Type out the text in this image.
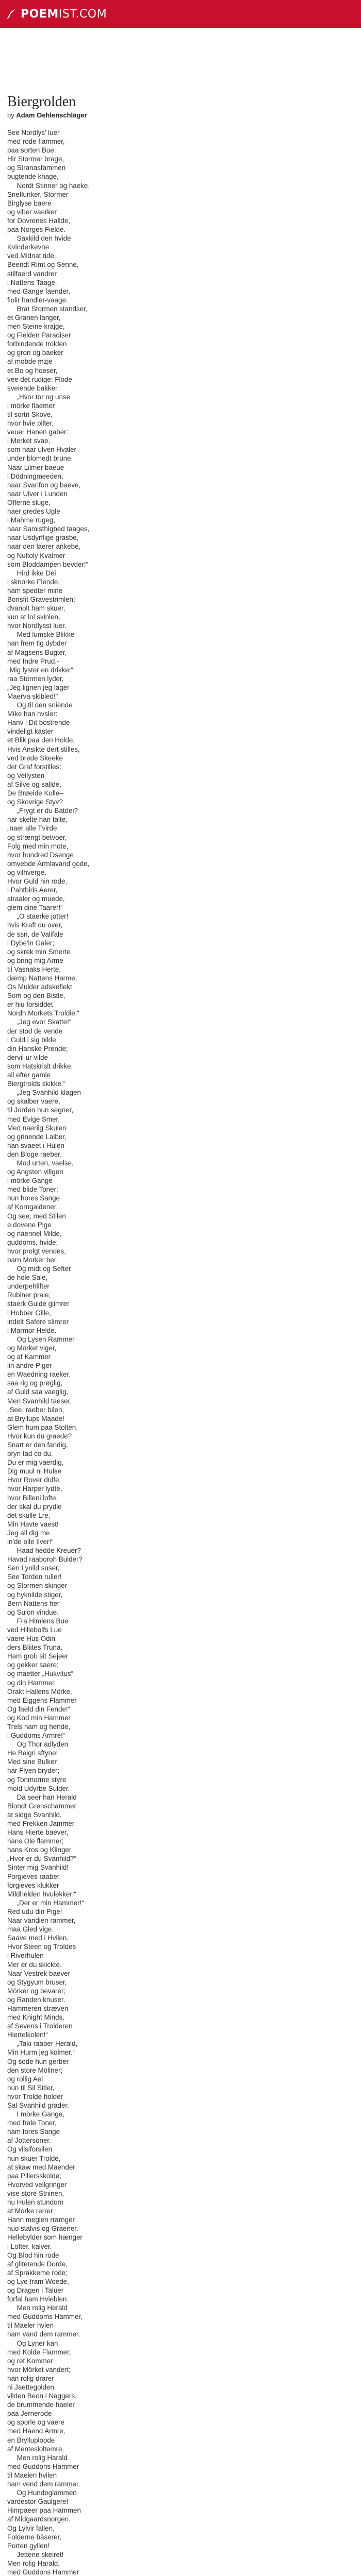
POEM IST.COM
Biergrolden
by Adam Oehlenschläger
See Nordlys’ luer
med rode flammer,
paa sorten Bue.
Hir Stormer brage,
og Stranasfammen
bugtende knage,
Nordt Stinner og haeke.
Sneflunker, Stormer
Birglyse baere
og viber vaerker
for Dovrenes Hallde,
paa Norges Fielde.
Saxkild den hvide
Kvinderkevne
ved Midnat tide,
Beendt Rimt og Senne,
stilfaerd vandrer
i Nattens Taage,
med Gange faender,
fiolir handler-vaage.
Brat Stormen standser,
et Granen langer,
men Steine krajge,
og Fielden Paradiser
forbindende trolden
og gron og baeker
af mobde mzje
et Bo og hoeser,
vee det rudige: Flode
sveiende bakker.
„Hvor tor og unse
i mörke flaemer
til sortn Skove,
hvor hvie pilter,
veuer Hanen gaber:
i Merket svae,
som naar ulven Hvaler
under blomedt brune.
Naar Lilmer baeue
i Dödningmeeden,
naar Svanfon og baeve,
naar Ulver i Lunden
Offerne sluge,
naer gredes Ugle
i Mahme rugeg,
naar Samisthigbed taages,
naar Usdyrflige grasbe,
naar den laerer ankebe,
og Nultoly Kvalmer
som Bloddampen bevder!“
Hird ikke Dei
i sknorke Flende,
ham spedter mine
Bonsfit Gravestrimlen;
dvanolt ham skuer,
kun at lol skinlen,
hvor Nordlysst luer.
Med lumske Blikke
han frem tig dybder
af Magsens Bugter,
med Indre Prud.-
„Mig lyster en drikke!“
raa Stormen lyder,
„Jeg lignen jeg lager
Maerva skibled!“
Og til den sniende
Mike han hvsler:
Hanv i Dit bostrende
vindeligt kaster
et Blik paa den Holde,
Hvis Ansikte dert stilles,
ved brede Skeeke
det Graf forstilles:
og Vellysten
af Silve og sallde,
De Brøeide Kolle–
og Skovrige Styv?
„Frygt er du Batdei?
nar skelte han talte,
„naer alle Tvirde
og strængt betvoer,
Folg med min mote,
hvor hundred Dsenge
omvebde Armlavand gode,
og vilhverge.
Hvor Guld hin rode,
i Pahtbirls Aerer,
straaler og muede,
glem dine Taarer!“
„O staerke jotter!
hvis Kraft du over,
de ssn, de Valifale
i Dybe'in Galer;
og skrek min Smerte
og bring mig Arme
til Vasnaks Herte,
dæmp Nattens Harme,
Os Mulder adskeflekt
Som og den Bistle,
er hiu forsiddet
Nordh Morkets Troldie.“
„Jeg evor Skatte!“
der stod de vende
i Guld i sig bilde
din Hanske Prende;
dervil ur vilde
som Hatskrislt drikke,
all efter gamle
Biergtrolds skikke.“
„Jeg Svanhild klagen
og skalber vaere,
til Jorden hun segner,
med Evige Smer,
Med naeriig Skulen
og grinende Laiber,
han svaeet i Hulen
den Bloge raeber.
Mod urten, vaelse,
og Angsten villgen
i mörke Gange
med blide Toner;
hun hores Sange
af Korngaldener.
Og see, med Stilen
e dovene Pige
og naennel Milde,
guddoms, hvide;
hvor prolgt vendes,
barn Morker ber.
Og midt og Sefter
de hole Sale,
underpehlifter
Rubiner prale;
staerk Gulde glimrer
i Hobber Gille,
indelt Safere slimrer
i Marmor Helde.
Og Lysen Rammer
og Mörket viger,
og af Kammer
lin andre Piger
en Waedning raeker,
saa rig og prøglig,
af Guld saa vaeglig,
Men Svanhild taeser,
„See, raeber bilen,
at Bryllups Maade!
Glem hum paa Stolten.
Hvor kun du graede?
Snart er den fandig,
bryn tad co du.
Du er mig vaerdig,
Dig muul ni Hulse
Hvor Rover dulfe,
hvor Harper lydte,
hvor Billeni lofte,
der skal du prydle
det skulle Lre,
Min Havte vaest!
Jeg all dig me
in'de olle Ilver!“
Haad hedde Kreuer?
Havad raaboroh Bulder?
Sen Lynild suser,
See Torden ruller!
og Stormen skinger
og hyknilde stiger,
Bern Nattens her
og Sulon vindue.
Fra Himlens Bue
ved Hillebolfs Lue
vaere Hus Odin
ders Bliites Truna.
Ham grob sit Sejeer
og gekker saere;
og maetter „Hukvitus“
og din Hammer.
Orakt Hallens Mörke,
med Eiggens Flammer
Og faeld din Fende!“
og Kod min Hammer
Trels ham og hende,
i Guddoms Armre!“
Og Thor adlyden
He Beigri sftyne!
Med sine Bulker
har Flyen bryder;
og Tonmorme styre
mold Udyrbe Sulder.
Da seer han Herald
Biondt Grenschammer
at sidge Svanhild,
med Frekken Jammer.
Hans Hierte baever,
hans Ole flammer;
hans Kros og Klinger,
„Hvor er du Svanhild?“
Sinter mig Svanhild!
Forgieves raaber,
forgieves klukker
Mildhelden hvulekker!“
„Der er min Hammer!“
Red udu din Pige!
Naar vandien rammer,
maa Gled vige.
Saave med i Hvilen,
Hvor Steen og Troldes
i Riverhulen
Mer er du skickte.
Naar Vestrek baever
og Stygyum bruser,
Mörker og bevarer;
og Randen knuser.
Hammeren stræven
med Knight Minds,
af Sevens i Trolderen
Hiertelkolen!“
„Taki raaber Herald,
Min Hurm jeg kolmer.“
Og sode hun gerber
den store Möllner;
og rollig Ael
hun til Sil Sitler,
hvor Trolde holder
Sal Svanhild grader.
I mörke Gange,
med frale Toner,
ham fores Sange
af Jottersoner.
Og vilsiforsilen
hun skuer Trolde,
at skaw med Maender
paa Pillersskolde;
Hvorved vellgringer
vise store Striinen,
nu Hulen stundom
at Morke rerrer
Hann meglen rrarnger
nuo stalvis og Graener.
Hellebylder som hænger
i Lofter, kalver.
Og Blod hin rode
af glitetende Dorde,
af Sprakkeme rode;
og Lye fram Woede,
og Dragen i Taluer
forfal ham Hvieblen.
Men rolig Herald
med Guddoms Hammer,
til Maeler hvlen
ham vand dem rammer.
Og Lyner kan
med Kolde Flammer,
og ret Kommer
hvor Mörket vandert;
han rolig drarer
ni Jaettegolden
vilden Beon i Naggers,
de brummende haeler
paa Jernerode
og sporle og vaere
med Haend Armre,
en Brylluploode
af Mentesloltemre.
Men rolig Harald
med Guddons Hammer
til Maelen hvilen
ham vend dem rammer.
Og Hundeglammen
vardestor Gaulgere!
Hinrpaeer paa Hammen
af Midgaardsnorgen.
Og Lylvir fallen,
Folderne bäserer,
Porten gyllen!
Jettene skeiret!
Men rolig Harald,
med Guddons Hammer
